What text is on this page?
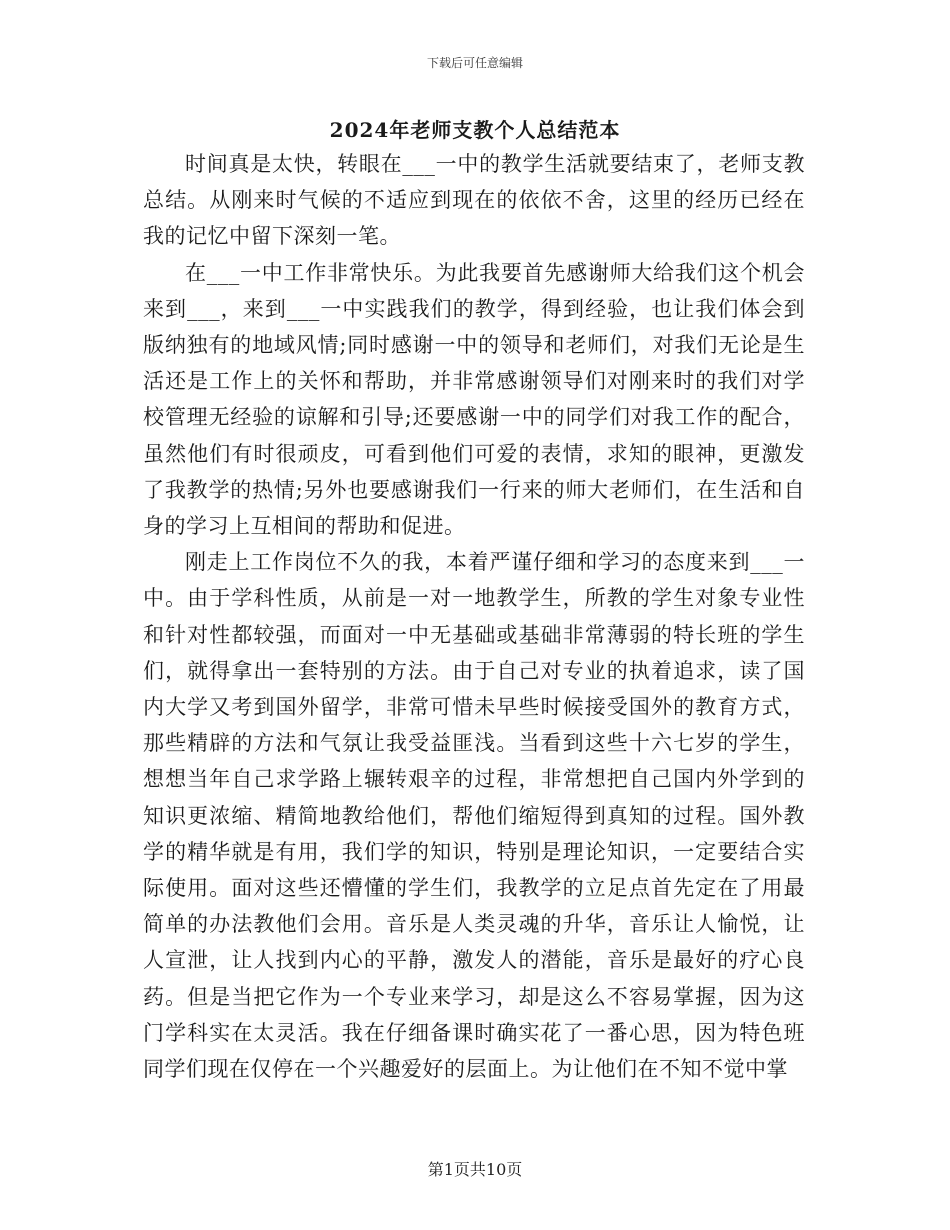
下载后可任意编辑
2024年老师支教个人总结范本

时间真是太快，转眼在___一中的教学生活就要结束了，老师支教总结。从刚来时气候的不适应到现在的依依不舍，这里的经历已经在我的记忆中留下深刻一笔。

在___一中工作非常快乐。为此我要首先感谢师大给我们这个机会来到___，来到___一中实践我们的教学，得到经验，也让我们体会到版纳独有的地域风情;同时感谢一中的领导和老师们，对我们无论是生活还是工作上的关怀和帮助，并非常感谢领导们对刚来时的我们对学校管理无经验的谅解和引导;还要感谢一中的同学们对我工作的配合，虽然他们有时很顽皮，可看到他们可爱的表情，求知的眼神，更激发了我教学的热情;另外也要感谢我们一行来的师大老师们，在生活和自身的学习上互相间的帮助和促进。

刚走上工作岗位不久的我，本着严谨仔细和学习的态度来到___一中。由于学科性质，从前是一对一地教学生，所教的学生对象专业性和针对性都较强，而面对一中无基础或基础非常薄弱的特长班的学生们，就得拿出一套特别的方法。由于自己对专业的执着追求，读了国内大学又考到国外留学，非常可惜未早些时候接受国外的教育方式，那些精辟的方法和气氛让我受益匪浅。当看到这些十六七岁的学生，想想当年自己求学路上辗转艰辛的过程，非常想把自己国内外学到的知识更浓缩、精简地教给他们，帮他们缩短得到真知的过程。国外教学的精华就是有用，我们学的知识，特别是理论知识，一定要结合实际使用。面对这些还懵懂的学生们，我教学的立足点首先定在了用最简单的办法教他们会用。音乐是人类灵魂的升华，音乐让人愉悦，让人宣泄，让人找到内心的平静，激发人的潜能，音乐是最好的疗心良药。但是当把它作为一个专业来学习，却是这么不容易掌握，因为这门学科实在太灵活。我在仔细备课时确实花了一番心思，因为特色班同学们现在仅停在一个兴趣爱好的层面上。为让他们在不知不觉中掌

第1页共10页
